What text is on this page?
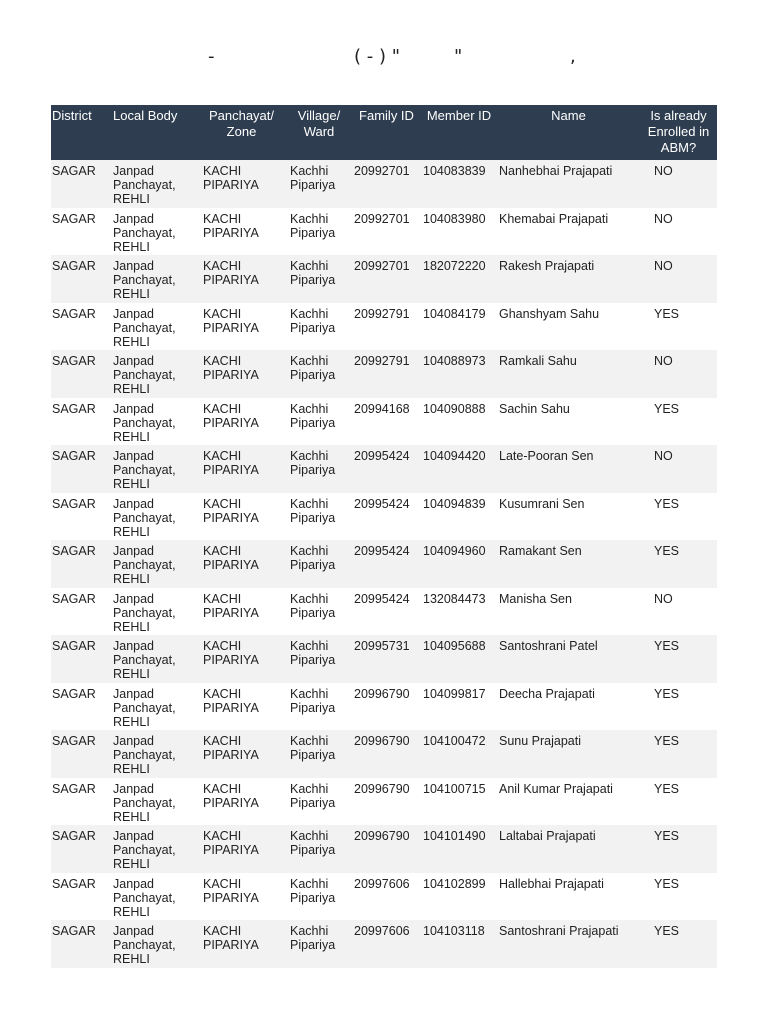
-	( - ) "	"	,
District	Local Body	Panchayat/ Zone	Village/ Ward	Family ID	Member ID	Name	Is already Enrolled in ABM?
SAGAR	Janpad Panchayat, REHLI	KACHI PIPARIYA	Kachhi Pipariya	20992701	104083839	Nanhebhai Prajapati	NO
SAGAR	Janpad Panchayat, REHLI	KACHI PIPARIYA	Kachhi Pipariya	20992701	104083980	Khemabai Prajapati	NO
SAGAR	Janpad Panchayat, REHLI	KACHI PIPARIYA	Kachhi Pipariya	20992701	182072220	Rakesh Prajapati	NO
SAGAR	Janpad Panchayat, REHLI	KACHI PIPARIYA	Kachhi Pipariya	20992791	104084179	Ghanshyam Sahu	YES
SAGAR	Janpad Panchayat, REHLI	KACHI PIPARIYA	Kachhi Pipariya	20992791	104088973	Ramkali Sahu	NO
SAGAR	Janpad Panchayat, REHLI	KACHI PIPARIYA	Kachhi Pipariya	20994168	104090888	Sachin Sahu	YES
SAGAR	Janpad Panchayat, REHLI	KACHI PIPARIYA	Kachhi Pipariya	20995424	104094420	Late-Pooran Sen	NO
SAGAR	Janpad Panchayat, REHLI	KACHI PIPARIYA	Kachhi Pipariya	20995424	104094839	Kusumrani Sen	YES
SAGAR	Janpad Panchayat, REHLI	KACHI PIPARIYA	Kachhi Pipariya	20995424	104094960	Ramakant Sen	YES
SAGAR	Janpad Panchayat, REHLI	KACHI PIPARIYA	Kachhi Pipariya	20995424	132084473	Manisha Sen	NO
SAGAR	Janpad Panchayat, REHLI	KACHI PIPARIYA	Kachhi Pipariya	20995731	104095688	Santoshrani Patel	YES
SAGAR	Janpad Panchayat, REHLI	KACHI PIPARIYA	Kachhi Pipariya	20996790	104099817	Deecha Prajapati	YES
SAGAR	Janpad Panchayat, REHLI	KACHI PIPARIYA	Kachhi Pipariya	20996790	104100472	Sunu Prajapati	YES
SAGAR	Janpad Panchayat, REHLI	KACHI PIPARIYA	Kachhi Pipariya	20996790	104100715	Anil Kumar Prajapati	YES
SAGAR	Janpad Panchayat, REHLI	KACHI PIPARIYA	Kachhi Pipariya	20996790	104101490	Laltabai Prajapati	YES
SAGAR	Janpad Panchayat, REHLI	KACHI PIPARIYA	Kachhi Pipariya	20997606	104102899	Hallebhai Prajapati	YES
SAGAR	Janpad Panchayat, REHLI	KACHI PIPARIYA	Kachhi Pipariya	20997606	104103118	Santoshrani Prajapati	YES
